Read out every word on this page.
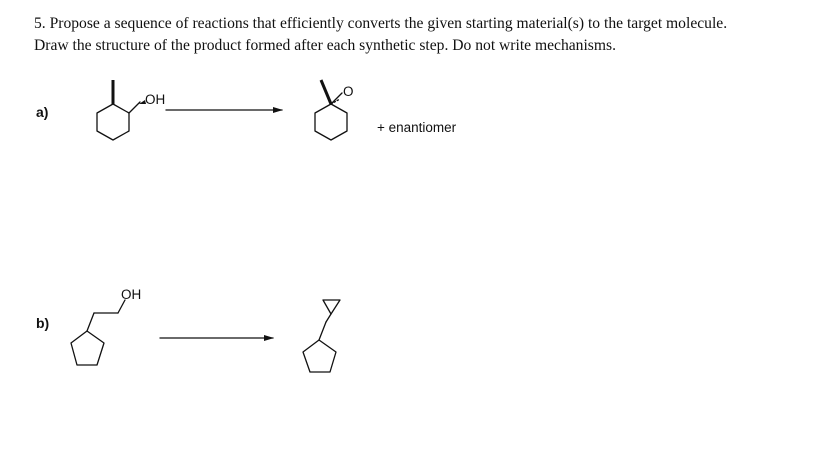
5. Propose a sequence of reactions that efficiently converts the given starting material(s) to the target molecule.
Draw the structure of the product formed after each synthetic step. Do not write mechanisms.
a)
OH
O
+ enantiomer
b)
OH
